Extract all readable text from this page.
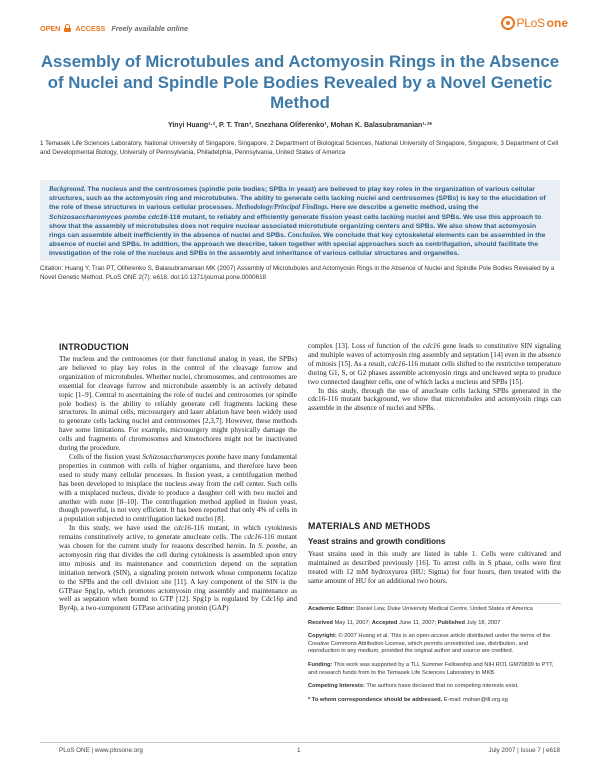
OPEN ACCESS Freely available online	PLoS one
Assembly of Microtubules and Actomyosin Rings in the Absence of Nuclei and Spindle Pole Bodies Revealed by a Novel Genetic Method
Yinyi Huang¹·², P. T. Tran³, Snezhana Oliferenko¹, Mohan K. Balasubramanian¹·²*
1 Temasek Life Sciences Laboratory, National University of Singapore, Singapore, 2 Department of Biological Sciences, National University of Singapore, Singapore, 3 Department of Cell and Developmental Biology, University of Pennsylvania, Philadelphia, Pennsylvania, United States of America
Background. The nucleus and the centrosomes (spindle pole bodies; SPBs in yeast) are believed to play key roles in the organization of various cellular structures, such as the actomyosin ring and microtubules. The ability to generate cells lacking nuclei and centrosomes (SPBs) is key to the elucidation of the role of these structures in various cellular processes. Methodology/Principal Findings. Here we describe a genetic method, using the Schizosaccharomyces pombe cdc16-116 mutant, to reliably and efficiently generate fission yeast cells lacking nuclei and SPBs. We use this approach to show that the assembly of microtubules does not require nuclear associated microtubule organizing centers and SPBs. We also show that actomyosin rings can assemble albeit inefficiently in the absence of nuclei and SPBs. Conclusion. We conclude that key cytoskeletal elements can be assembled in the absence of nuclei and SPBs. In addition, the approach we describe, taken together with special approaches such as centrifugation, should facilitate the investigation of the role of the nucleus and SPBs in the assembly and inheritance of various cellular structures and organelles.
Citation: Huang Y, Tran PT, Oliferenko S, Balasubramanian MK (2007) Assembly of Microtubules and Actomyosin Rings in the Absence of Nuclei and Spindle Pole Bodies Revealed by a Novel Genetic Method. PLoS ONE 2(7): e618. doi:10.1371/journal.pone.0000618
INTRODUCTION

The nucleus and the centrosomes (or their functional analog in yeast, the SPBs) are believed to play key roles in the control of the cleavage furrow and organization of microtubules. Whether nuclei, chromosomes, and centrosomes are essential for cleavage furrow and microtubule assembly is an actively debated topic [1–9]. Central to ascertaining the role of nuclei and centrosomes (or spindle pole bodies) is the ability to reliably generate cell fragments lacking these structures. In animal cells, microsurgery and laser ablation have been widely used to generate cells lacking nuclei and centrosomes [2,3,7]. However, these methods have some limitations. For example, microsurgery might physically damage the cells and fragments of chromosomes and kinetochores might not be inactivated during the procedure.

Cells of the fission yeast Schizosaccharomyces pombe have many fundamental properties in common with cells of higher organisms, and therefore have been used to study many cellular processes. In fission yeast, a centrifugation method has been developed to misplace the nucleus away from the cell center. Such cells with a misplaced nucleus, divide to produce a daughter cell with two nuclei and another with none [8–10]. The centrifugation method applied in fission yeast, though powerful, is not very efficient. It has been reported that only 4% of cells in a population subjected to centrifugation lacked nuclei [8].

In this study, we have used the cdc16-116 mutant, in which cytokinesis remains constitutively active, to generate anucleate cells. The cdc16-116 mutant was chosen for the current study for reasons described herein. In S. pombe, an actomyosin ring that divides the cell during cytokinesis is assembled upon entry into mitosis and its maintenance and constriction depend on the septation initiation network (SIN), a signaling protein network whose components localize to the SPBs and the cell division site [11]. A key component of the SIN is the GTPase Spg1p, which promotes actomyosin ring assembly and maintenance as well as septation when bound to GTP [12]. Spg1p is regulated by Cdc16p and Byr4p, a two-component GTPase activating protein (GAP)

complex [13]. Loss of function of the cdc16 gene leads to constitutive SIN signaling and multiple waves of actomyosin ring assembly and septation [14] even in the absence of mitosis [15]. As a result, cdc16-116 mutant cells shifted to the restrictive temperature during G1, S, or G2 phases assemble actomyosin rings and uncleaved septa to produce two connected daughter cells, one of which lacks a nucleus and SPBs [15].

In this study, through the use of anucleate cells lacking SPBs generated in the cdc16-116 mutant background, we show that microtubules and actomyosin rings can assemble in the absence of nuclei and SPBs.

MATERIALS AND METHODS
Yeast strains and growth conditions

Yeast strains used in this study are listed in table 1. Cells were cultivated and maintained as described previously [16]. To arrest cells in S phase, cells were first treated with 12 mM hydroxyurea (HU; Sigma) for four hours, then treated with the same amount of HU for an additional two hours.

Academic Editor: Daniel Lew, Duke University Medical Centre, United States of America
Received May 11, 2007; Accepted June 11, 2007; Published July 18, 2007
Copyright: © 2007 Huang et al. This is an open-access article distributed under the terms of the Creative Commons Attribution License, which permits unrestricted use, distribution, and reproduction in any medium, provided the original author and source are credited.
Funding: This work was supported by a TLL Summer Fellowship and NIH RO1 GM70899 to PTT, and research funds from to the Temasek Life Sciences Laboratory to MKB.
Competing Interests: The authors have declared that no competing interests exist.
* To whom correspondence should be addressed. E-mail: mohan@tll.org.sg
PLoS ONE | www.plosone.org	1	July 2007 | Issue 7 | e618
